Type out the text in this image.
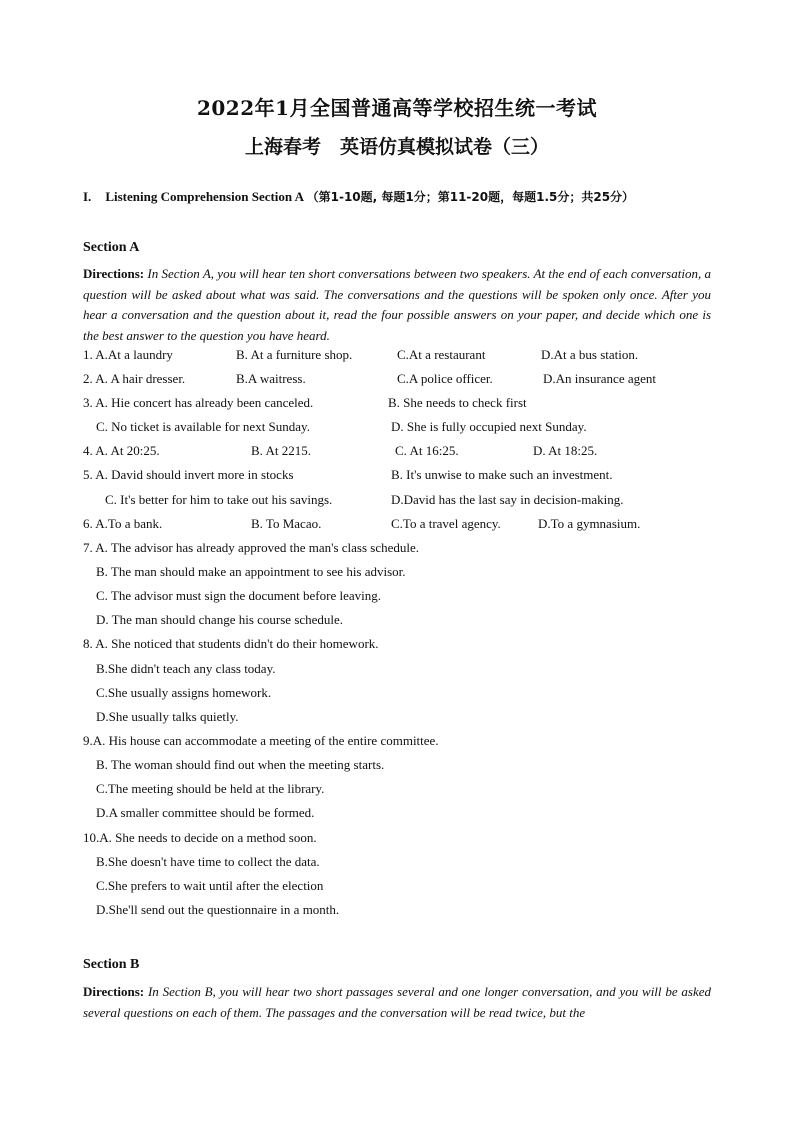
2022年1月全国普通高等学校招生统一考试
上海春考　英语仿真模拟试卷（三）
I. Listening Comprehension Section A （第1-10题, 每题1分；第11-20题，每题1.5分；共25分）
Section A
Directions: In Section A, you will hear ten short conversations between two speakers. At the end of each conversation, a question will be asked about what was said. The conversations and the questions will be spoken only once. After you hear a conversation and the question about it, read the four possible answers on your paper, and decide which one is the best answer to the question you have heard.
1. A.At a laundry	B. At a furniture shop.	C.At a restaurant	D.At a bus station.
2. A. A hair dresser.	B.A waitress.	C.A police officer.	D.An insurance agent
3. A. Hie concert has already been canceled.	B. She needs to check first
C. No ticket is available for next Sunday.	D. She is fully occupied next Sunday.
4. A. At 20:25.	B. At 2215.	C. At 16:25.	D. At 18:25.
5. A. David should invert more in stocks	B. It's unwise to make such an investment.
C. It's better for him to take out his savings.	D.David has the last say in decision-making.
6. A.To a bank.	B. To Macao.	C.To a travel agency.	D.To a gymnasium.
7. A. The advisor has already approved the man's class schedule.
B. The man should make an appointment to see his advisor.
C. The advisor must sign the document before leaving.
D. The man should change his course schedule.
8. A. She noticed that students didn't do their homework.
B.She didn't teach any class today.
C.She usually assigns homework.
D.She usually talks quietly.
9.A. His house can accommodate a meeting of the entire committee.
B. The woman should find out when the meeting starts.
C.The meeting should be held at the library.
D.A smaller committee should be formed.
10.A. She needs to decide on a method soon.
B.She doesn't have time to collect the data.
C.She prefers to wait until after the election
D.She'll send out the questionnaire in a month.
Section B
Directions: In Section B, you will hear two short passages several and one longer conversation, and you will be asked several questions on each of them. The passages and the conversation will be read twice, but the
